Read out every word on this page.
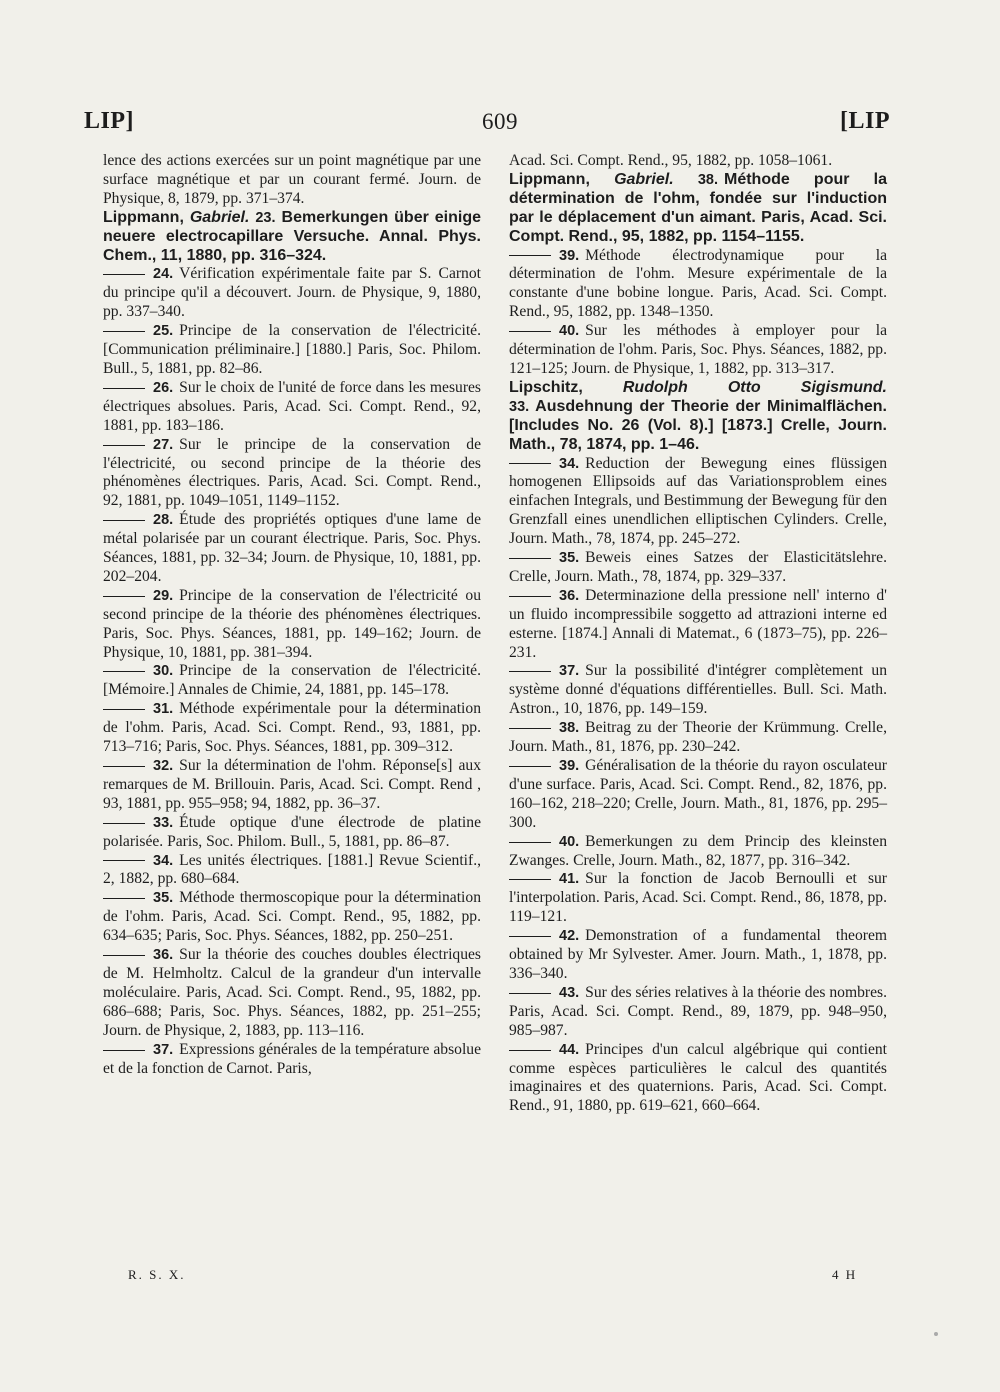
LIP]	609	[LIP

lence des actions exercées sur un point magnétique par une surface magnétique et par un courant fermé. Journ. de Physique, 8, 1879, pp. 371–374.

Lippmann, Gabriel. 23. Bemerkungen über einige neuere electrocapillare Versuche. Annal. Phys. Chem., 11, 1880, pp. 316–324.

24. Vérification expérimentale faite par S. Carnot du principe qu'il a découvert. Journ. de Physique, 9, 1880, pp. 337–340.

25. Principe de la conservation de l'électricité. [Communication préliminaire.] [1880.] Paris, Soc. Philom. Bull., 5, 1881, pp. 82–86.

26. Sur le choix de l'unité de force dans les mesures électriques absolues. Paris, Acad. Sci. Compt. Rend., 92, 1881, pp. 183–186.

27. Sur le principe de la conservation de l'électricité, ou second principe de la théorie des phénomènes électriques. Paris, Acad. Sci. Compt. Rend., 92, 1881, pp. 1049–1051, 1149–1152.

28. Étude des propriétés optiques d'une lame de métal polarisée par un courant électrique. Paris, Soc. Phys. Séances, 1881, pp. 32–34; Journ. de Physique, 10, 1881, pp. 202–204.

29. Principe de la conservation de l'électricité ou second principe de la théorie des phénomènes électriques. Paris, Soc. Phys. Séances, 1881, pp. 149–162; Journ. de Physique, 10, 1881, pp. 381–394.

30. Principe de la conservation de l'électricité. [Mémoire.] Annales de Chimie, 24, 1881, pp. 145–178.

31. Méthode expérimentale pour la détermination de l'ohm. Paris, Acad. Sci. Compt. Rend., 93, 1881, pp. 713–716; Paris, Soc. Phys. Séances, 1881, pp. 309–312.

32. Sur la détermination de l'ohm. Réponse[s] aux remarques de M. Brillouin. Paris, Acad. Sci. Compt. Rend , 93, 1881, pp. 955–958; 94, 1882, pp. 36–37.

33. Étude optique d'une électrode de platine polarisée. Paris, Soc. Philom. Bull., 5, 1881, pp. 86–87.

34. Les unités électriques. [1881.] Revue Scientif., 2, 1882, pp. 680–684.

35. Méthode thermoscopique pour la détermination de l'ohm. Paris, Acad. Sci. Compt. Rend., 95, 1882, pp. 634–635; Paris, Soc. Phys. Séances, 1882, pp. 250–251.

36. Sur la théorie des couches doubles électriques de M. Helmholtz. Calcul de la grandeur d'un intervalle moléculaire. Paris, Acad. Sci. Compt. Rend., 95, 1882, pp. 686–688; Paris, Soc. Phys. Séances, 1882, pp. 251–255; Journ. de Physique, 2, 1883, pp. 113–116.

37. Expressions générales de la température absolue et de la fonction de Carnot. Paris,

Acad. Sci. Compt. Rend., 95, 1882, pp. 1058–1061.

Lippmann, Gabriel. 38. Méthode pour la détermination de l'ohm, fondée sur l'induction par le déplacement d'un aimant. Paris, Acad. Sci. Compt. Rend., 95, 1882, pp. 1154–1155.

39. Méthode électrodynamique pour la détermination de l'ohm. Mesure expérimentale de la constante d'une bobine longue. Paris, Acad. Sci. Compt. Rend., 95, 1882, pp. 1348–1350.

40. Sur les méthodes à employer pour la détermination de l'ohm. Paris, Soc. Phys. Séances, 1882, pp. 121–125; Journ. de Physique, 1, 1882, pp. 313–317.

Lipschitz,	Rudolph Otto Sigismund. 33. Ausdehnung der Theorie der Minimalflächen. [Includes No. 26 (Vol. 8).] [1873.] Crelle, Journ. Math., 78, 1874, pp. 1–46.

34. Reduction der Bewegung eines flüssigen homogenen Ellipsoids auf das Variationsproblem eines einfachen Integrals, und Bestimmung der Bewegung für den Grenzfall eines unendlichen elliptischen Cylinders. Crelle, Journ. Math., 78, 1874, pp. 245–272.

35. Beweis eines Satzes der Elasticitätslehre. Crelle, Journ. Math., 78, 1874, pp. 329–337.

36. Determinazione della pressione nell' interno d' un fluido incompressibile soggetto ad attrazioni interne ed esterne. [1874.] Annali di Matemat., 6 (1873–75), pp. 226–231.

37. Sur la possibilité d'intégrer complètement un système donné d'équations différentielles. Bull. Sci. Math. Astron., 10, 1876, pp. 149–159.

38. Beitrag zu der Theorie der Krümmung. Crelle, Journ. Math., 81, 1876, pp. 230–242.

39. Généralisation de la théorie du rayon osculateur d'une surface. Paris, Acad. Sci. Compt. Rend., 82, 1876, pp. 160–162, 218–220; Crelle, Journ. Math., 81, 1876, pp. 295–300.

40. Bemerkungen zu dem Princip des kleinsten Zwanges. Crelle, Journ. Math., 82, 1877, pp. 316–342.

41. Sur la fonction de Jacob Bernoulli et sur l'interpolation. Paris, Acad. Sci. Compt. Rend., 86, 1878, pp. 119–121.

42. Demonstration of a fundamental theorem obtained by Mr Sylvester. Amer. Journ. Math., 1, 1878, pp. 336–340.

43. Sur des séries relatives à la théorie des nombres. Paris, Acad. Sci. Compt. Rend., 89, 1879, pp. 948–950, 985–987.

44. Principes d'un calcul algébrique qui contient comme espèces particulières le calcul des quantités imaginaires et des quaternions. Paris, Acad. Sci. Compt. Rend., 91, 1880, pp. 619–621, 660–664.

R. S. X.	4 H
